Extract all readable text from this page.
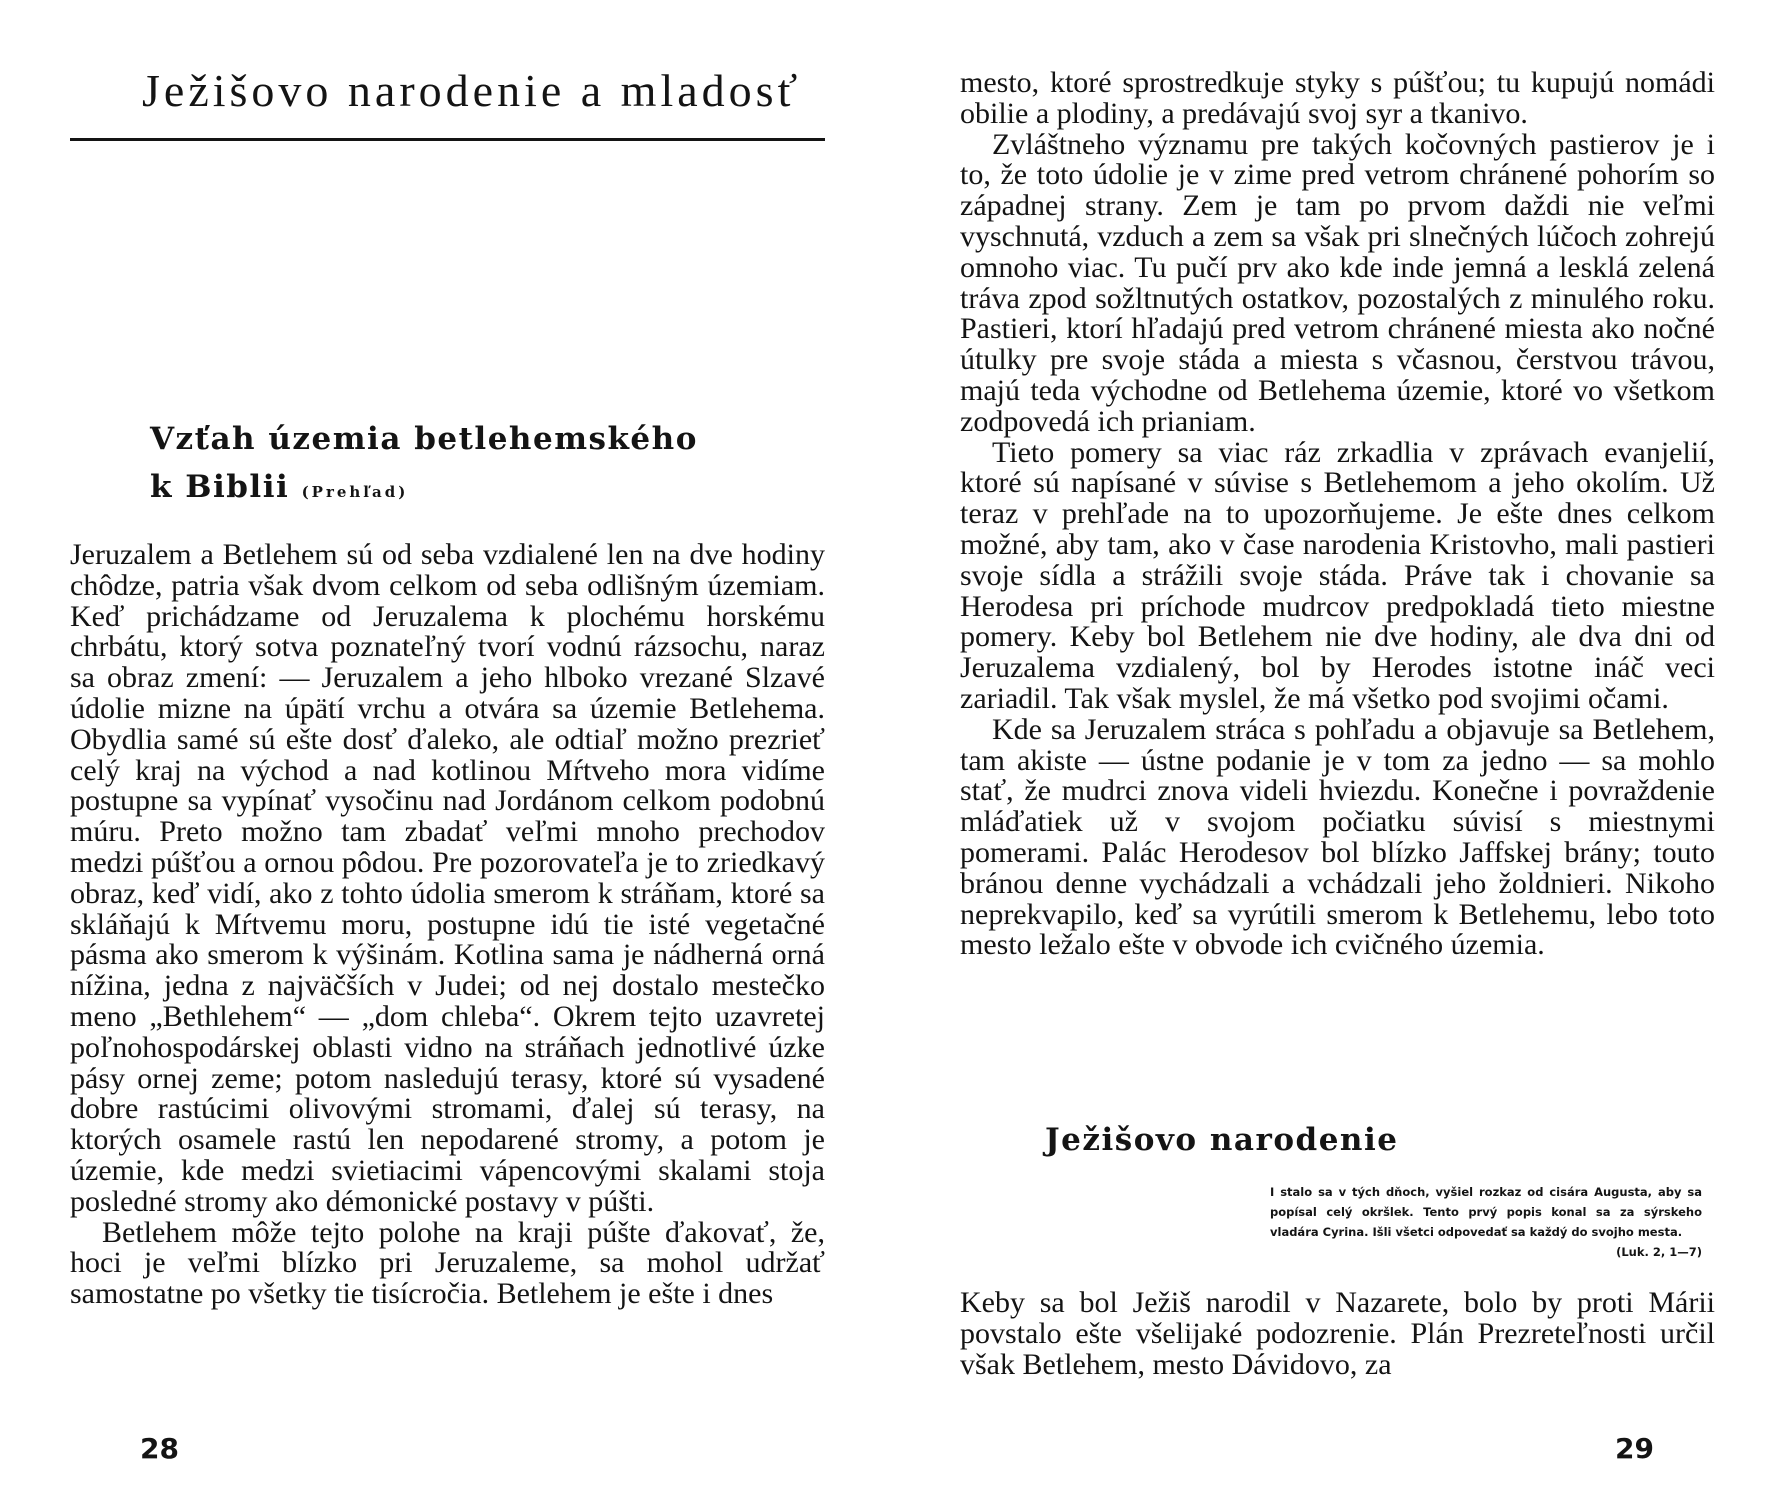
Ježišovo narodenie a mladosť
Vzťah územia betlehemského
k Biblii (Prehľad)

Jeruzalem a Betlehem sú od seba vzdialené len na dve hodiny chôdze, patria však dvom celkom od seba odlišným územiam. Keď prichádzame od Jeruzalema k plochému horskému chrbátu, ktorý sotva poznateľný tvorí vodnú rázsochu, naraz sa obraz zmení: — Jeruzalem a jeho hlboko vrezané Slzavé údolie mizne na úpätí vrchu a otvára sa územie Betlehema. Obydlia samé sú ešte dosť ďaleko, ale odtiaľ možno prezrieť celý kraj na východ a nad kotlinou Mŕtveho mora vidíme postupne sa vypínať vysočinu nad Jordánom celkom podobnú múru. Preto možno tam zbadať veľmi mnoho prechodov medzi púšťou a ornou pôdou. Pre pozorovateľa je to zriedkavý obraz, keď vidí, ako z tohto údolia smerom k stráňam, ktoré sa skláňajú k Mŕtvemu moru, postupne idú tie isté vegetačné pásma ako smerom k výšinám. Kotlina sama je nádherná orná nížina, jedna z najväčších v Judei; od nej dostalo mestečko meno „Bethlehem“ — „dom chleba“. Okrem tejto uzavretej poľnohospodárskej oblasti vidno na stráňach jednotlivé úzke pásy ornej zeme; potom nasledujú terasy, ktoré sú vysadené dobre rastúcimi olivovými stromami, ďalej sú terasy, na ktorých osamele rastú len nepodarené stromy, a potom je územie, kde medzi svietiacimi vápencovými skalami stoja posledné stromy ako démonické postavy v púšti.

Betlehem môže tejto polohe na kraji púšte ďakovať, že, hoci je veľmi blízko pri Jeruzaleme, sa mohol udržať samostatne po všetky tie tisícročia. Betlehem je ešte i dnes

28

mesto, ktoré sprostredkuje styky s púšťou; tu kupujú nomádi obilie a plodiny, a predávajú svoj syr a tkanivo.

Zvláštneho významu pre takých kočovných pastierov je i to, že toto údolie je v zime pred vetrom chránené pohorím so západnej strany. Zem je tam po prvom daždi nie veľmi vyschnutá, vzduch a zem sa však pri slnečných lúčoch zohrejú omnoho viac. Tu pučí prv ako kde inde jemná a lesklá zelená tráva zpod sožltnutých ostatkov, pozostalých z minulého roku. Pastieri, ktorí hľadajú pred vetrom chránené miesta ako nočné útulky pre svoje stáda a miesta s včasnou, čerstvou trávou, majú teda východne od Betlehema územie, ktoré vo všetkom zodpovedá ich prianiam.

Tieto pomery sa viac ráz zrkadlia v zprávach evanjelií, ktoré sú napísané v súvise s Betlehemom a jeho okolím. Už teraz v prehľade na to upozorňujeme. Je ešte dnes celkom možné, aby tam, ako v čase narodenia Kristovho, mali pastieri svoje sídla a strážili svoje stáda. Práve tak i chovanie sa Herodesa pri príchode mudrcov predpokladá tieto miestne pomery. Keby bol Betlehem nie dve hodiny, ale dva dni od Jeruzalema vzdialený, bol by Herodes istotne ináč veci zariadil. Tak však myslel, že má všetko pod svojimi očami.

Kde sa Jeruzalem stráca s pohľadu a objavuje sa Betlehem, tam akiste — ústne podanie je v tom za jedno — sa mohlo stať, že mudrci znova videli hviezdu. Konečne i povraždenie mláďatiek už v svojom počiatku súvisí s miestnymi pomerami. Palác Herodesov bol blízko Jaffskej brány; touto bránou denne vychádzali a vchádzali jeho žoldnieri. Nikoho neprekvapilo, keď sa vyrútili smerom k Betlehemu, lebo toto mesto ležalo ešte v obvode ich cvičného územia.

Ježišovo narodenie
I stalo sa v tých dňoch, vyšiel rozkaz od cisára Augusta, aby sa popísal celý okršlek. Tento prvý popis konal sa za sýrskeho vladára Cyrina. Išli všetci odpovedať sa každý do svojho mesta.
(Luk. 2, 1—7)

Keby sa bol Ježiš narodil v Nazarete, bolo by proti Márii povstalo ešte všelijaké podozrenie. Plán Prezreteľnosti určil však Betlehem, mesto Dávidovo, za

29
